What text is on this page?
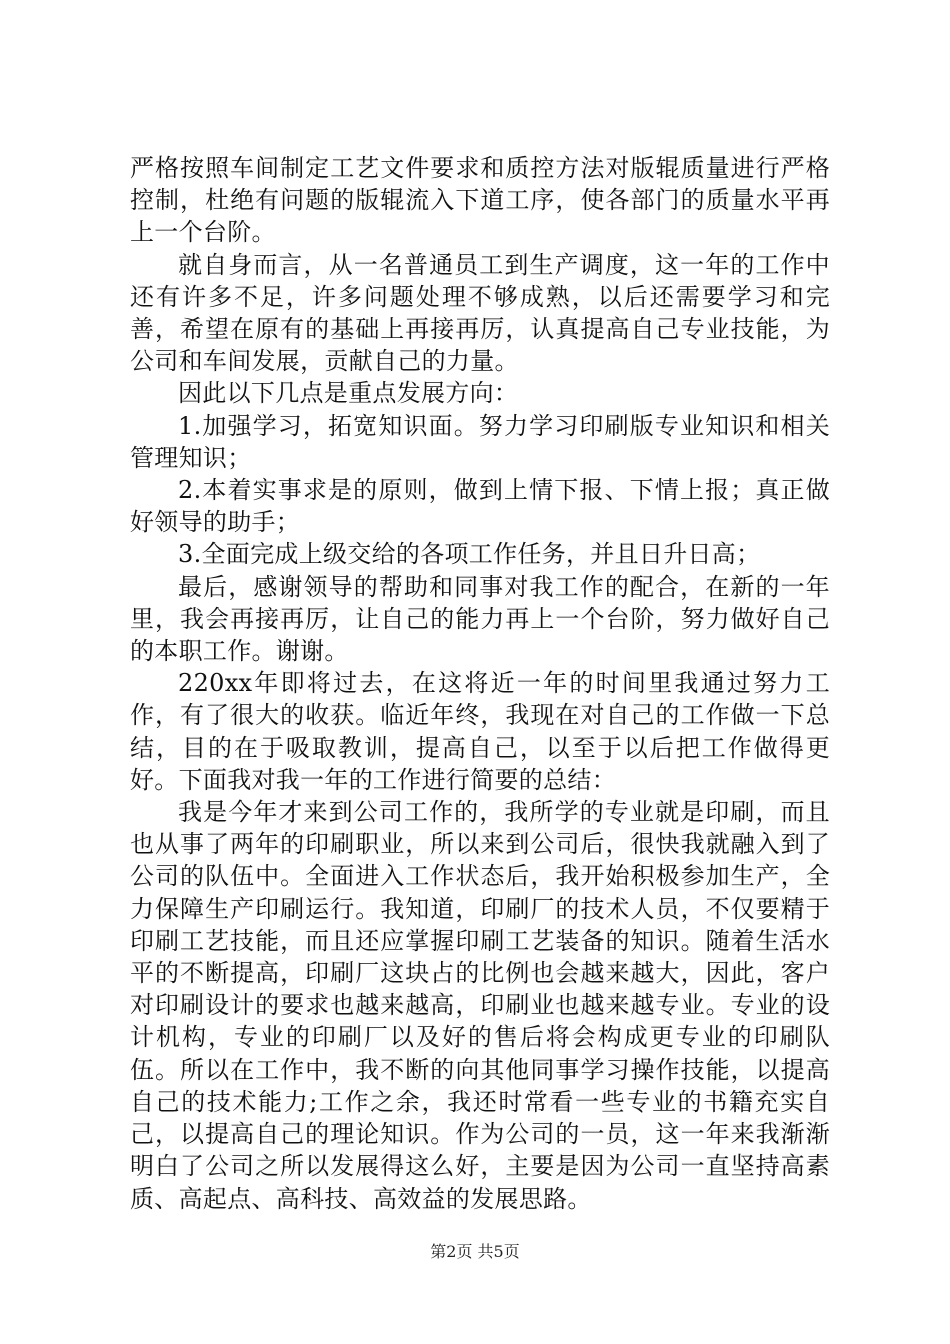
严格按照车间制定工艺文件要求和质控方法对版辊质量进行严格控制，杜绝有问题的版辊流入下道工序，使各部门的质量水平再上一个台阶。

就自身而言，从一名普通员工到生产调度，这一年的工作中还有许多不足，许多问题处理不够成熟，以后还需要学习和完善，希望在原有的基础上再接再厉，认真提高自己专业技能，为公司和车间发展，贡献自己的力量。

因此以下几点是重点发展方向：

1.加强学习，拓宽知识面。努力学习印刷版专业知识和相关管理知识；

2.本着实事求是的原则，做到上情下报、下情上报；真正做好领导的助手；

3.全面完成上级交给的各项工作任务，并且日升日高；

最后，感谢领导的帮助和同事对我工作的配合，在新的一年里，我会再接再厉，让自己的能力再上一个台阶，努力做好自己的本职工作。谢谢。

220xx年即将过去，在这将近一年的时间里我通过努力工作，有了很大的收获。临近年终，我现在对自己的工作做一下总结，目的在于吸取教训，提高自己，以至于以后把工作做得更好。下面我对我一年的工作进行简要的总结：

我是今年才来到公司工作的，我所学的专业就是印刷，而且也从事了两年的印刷职业，所以来到公司后，很快我就融入到了公司的队伍中。全面进入工作状态后，我开始积极参加生产，全力保障生产印刷运行。我知道，印刷厂的技术人员，不仅要精于印刷工艺技能，而且还应掌握印刷工艺装备的知识。随着生活水平的不断提高，印刷厂这块占的比例也会越来越大，因此，客户对印刷设计的要求也越来越高，印刷业也越来越专业。专业的设计机构，专业的印刷厂以及好的售后将会构成更专业的印刷队伍。所以在工作中，我不断的向其他同事学习操作技能，以提高自己的技术能力;工作之余，我还时常看一些专业的书籍充实自己，以提高自己的理论知识。作为公司的一员，这一年来我渐渐明白了公司之所以发展得这么好，主要是因为公司一直坚持高素质、高起点、高科技、高效益的发展思路。

第2页 共5页
